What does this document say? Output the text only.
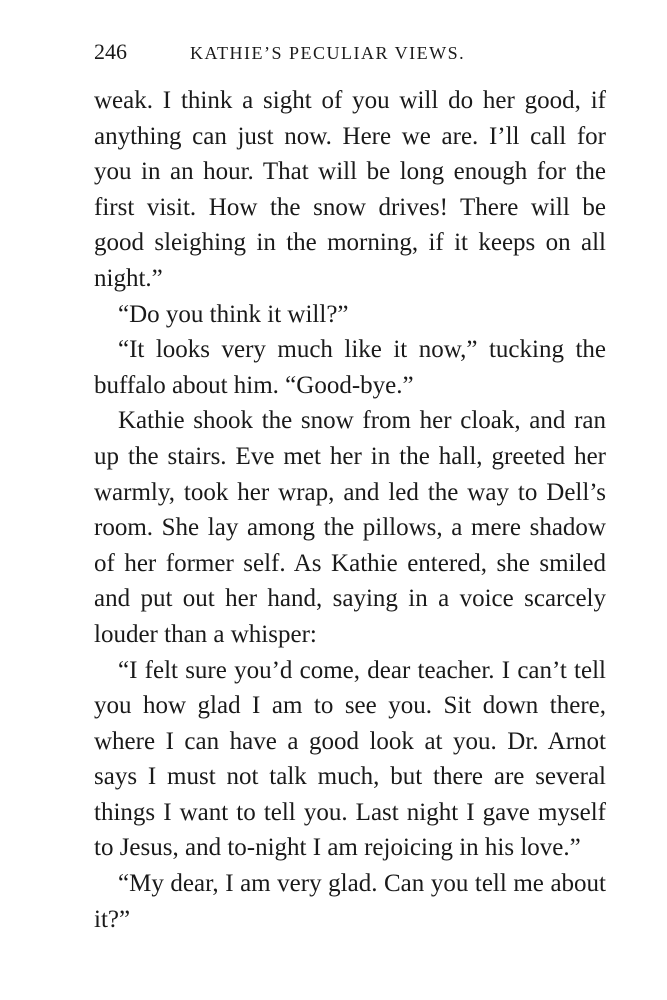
246	KATHIE’S PECULIAR VIEWS.

weak. I think a sight of you will do her good, if anything can just now. Here we are. I’ll call for you in an hour. That will be long enough for the first visit. How the snow drives! There will be good sleighing in the morning, if it keeps on all night.”

“Do you think it will?”

“It looks very much like it now,” tucking the buffalo about him. “Good-bye.”

Kathie shook the snow from her cloak, and ran up the stairs. Eve met her in the hall, greeted her warmly, took her wrap, and led the way to Dell’s room. She lay among the pillows, a mere shadow of her former self. As Kathie entered, she smiled and put out her hand, saying in a voice scarcely louder than a whisper:

“I felt sure you’d come, dear teacher. I can’t tell you how glad I am to see you. Sit down there, where I can have a good look at you. Dr. Arnot says I must not talk much, but there are several things I want to tell you. Last night I gave myself to Jesus, and to-night I am rejoicing in his love.”

“My dear, I am very glad. Can you tell me about it?”
